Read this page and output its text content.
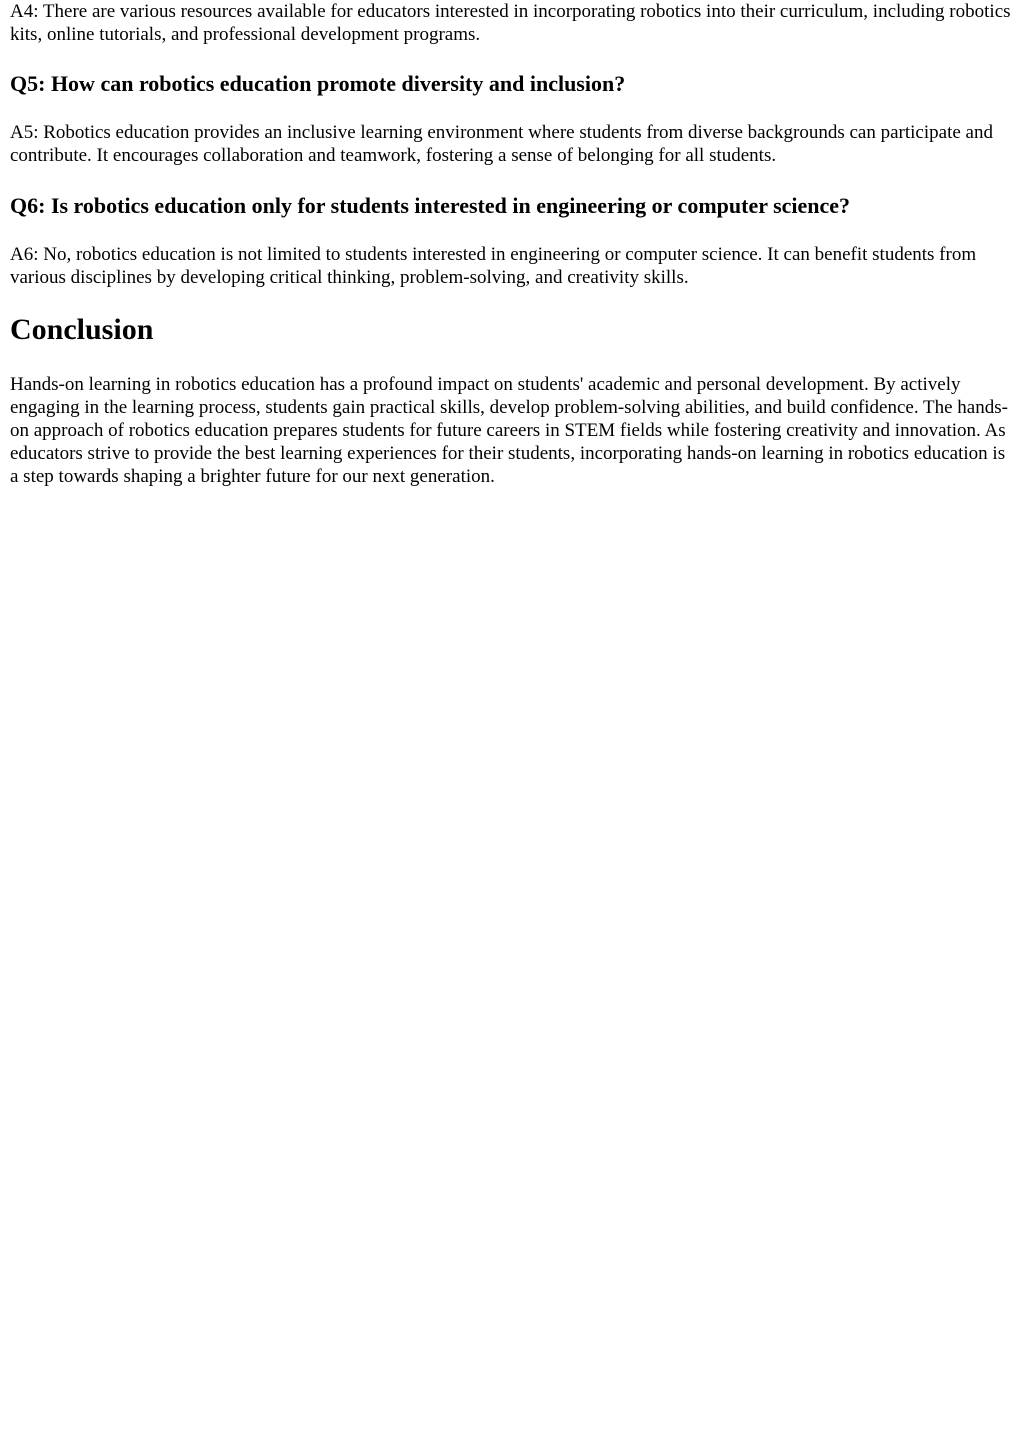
A4: There are various resources available for educators interested in incorporating robotics into their curriculum, including robotics kits, online tutorials, and professional development programs.

Q5: How can robotics education promote diversity and inclusion?

A5: Robotics education provides an inclusive learning environment where students from diverse backgrounds can participate and contribute. It encourages collaboration and teamwork, fostering a sense of belonging for all students.

Q6: Is robotics education only for students interested in engineering or computer science?

A6: No, robotics education is not limited to students interested in engineering or computer science. It can benefit students from various disciplines by developing critical thinking, problem-solving, and creativity skills.

Conclusion

Hands-on learning in robotics education has a profound impact on students' academic and personal development. By actively engaging in the learning process, students gain practical skills, develop problem-solving abilities, and build confidence. The hands-on approach of robotics education prepares students for future careers in STEM fields while fostering creativity and innovation. As educators strive to provide the best learning experiences for their students, incorporating hands-on learning in robotics education is a step towards shaping a brighter future for our next generation.
